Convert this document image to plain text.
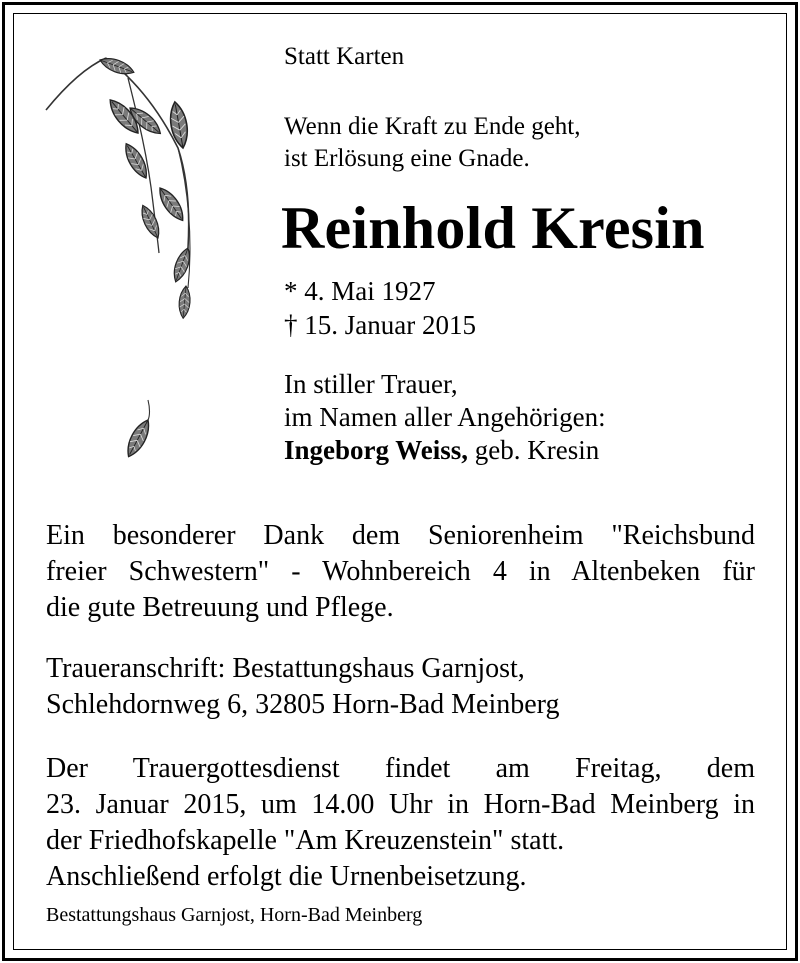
Statt Karten
Wenn die Kraft zu Ende geht,
ist Erlösung eine Gnade.
Reinhold Kresin
* 4. Mai 1927
† 15. Januar 2015
In stiller Trauer,
im Namen aller Angehörigen:
Ingeborg Weiss, geb. Kresin
Ein besonderer Dank dem Seniorenheim "Reichsbund
freier Schwestern" - Wohnbereich 4 in Altenbeken für
die gute Betreuung und Pflege.
Traueranschrift: Bestattungshaus Garnjost,
Schlehdornweg 6, 32805 Horn-Bad Meinberg
Der Trauergottesdienst findet am Freitag, dem
23. Januar 2015, um 14.00 Uhr in Horn-Bad Meinberg in
der Friedhofskapelle "Am Kreuzenstein" statt.
Anschließend erfolgt die Urnenbeisetzung.
Bestattungshaus Garnjost, Horn-Bad Meinberg
